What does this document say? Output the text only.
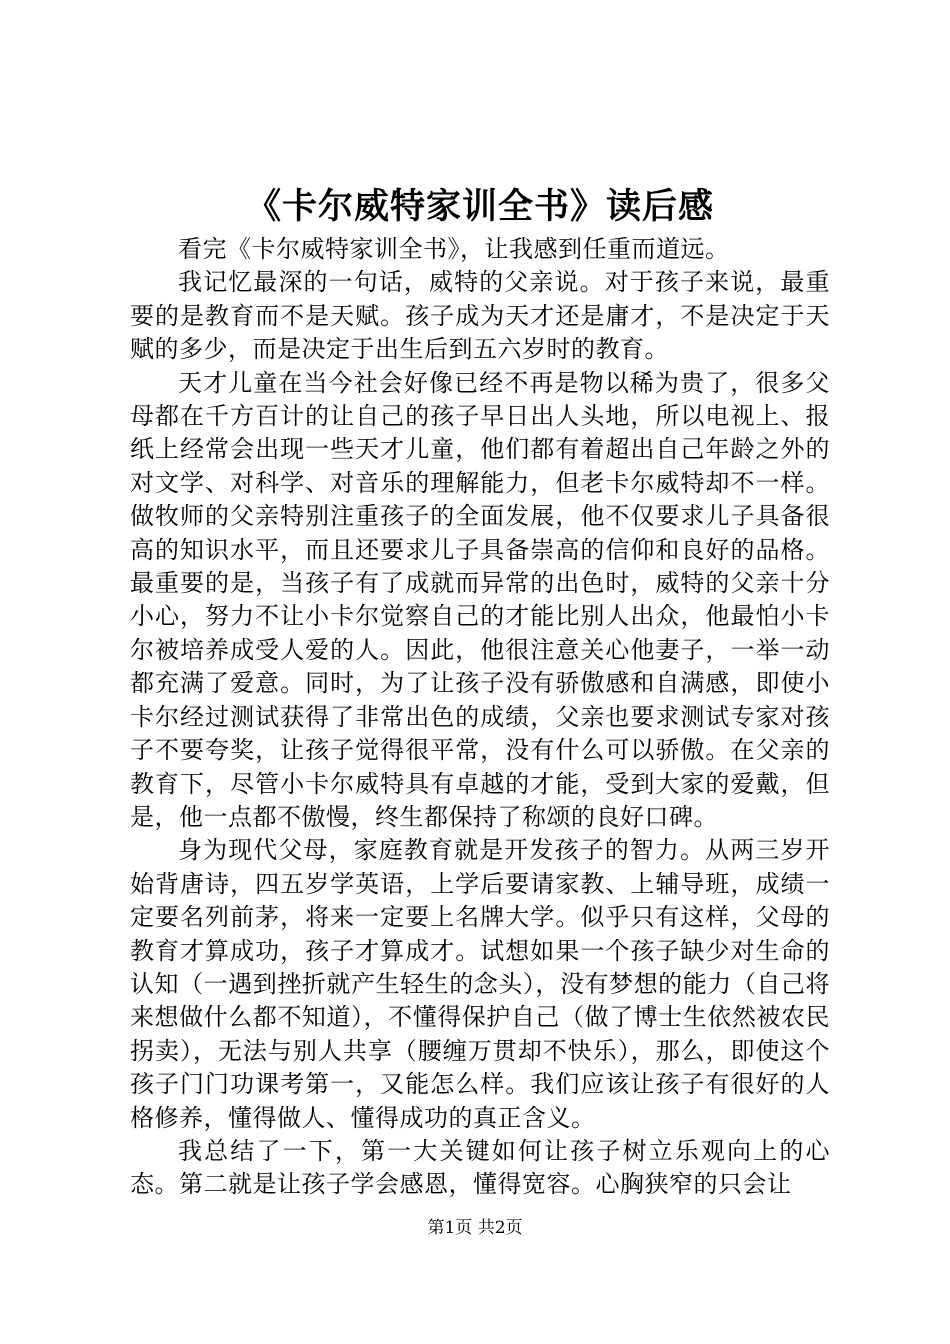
《卡尔威特家训全书》读后感

看完《卡尔威特家训全书》，让我感到任重而道远。

我记忆最深的一句话，威特的父亲说。对于孩子来说，最重要的是教育而不是天赋。孩子成为天才还是庸才，不是决定于天赋的多少，而是决定于出生后到五六岁时的教育。

天才儿童在当今社会好像已经不再是物以稀为贵了，很多父母都在千方百计的让自己的孩子早日出人头地，所以电视上、报纸上经常会出现一些天才儿童，他们都有着超出自己年龄之外的对文学、对科学、对音乐的理解能力，但老卡尔威特却不一样。做牧师的父亲特别注重孩子的全面发展，他不仅要求儿子具备很高的知识水平，而且还要求儿子具备崇高的信仰和良好的品格。最重要的是，当孩子有了成就而异常的出色时，威特的父亲十分小心，努力不让小卡尔觉察自己的才能比别人出众，他最怕小卡尔被培养成受人爱的人。因此，他很注意关心他妻子，一举一动都充满了爱意。同时，为了让孩子没有骄傲感和自满感，即使小卡尔经过测试获得了非常出色的成绩，父亲也要求测试专家对孩子不要夸奖，让孩子觉得很平常，没有什么可以骄傲。在父亲的教育下，尽管小卡尔威特具有卓越的才能，受到大家的爱戴，但是，他一点都不傲慢，终生都保持了称颂的良好口碑。

身为现代父母，家庭教育就是开发孩子的智力。从两三岁开始背唐诗，四五岁学英语，上学后要请家教、上辅导班，成绩一定要名列前茅，将来一定要上名牌大学。似乎只有这样，父母的教育才算成功，孩子才算成才。试想如果一个孩子缺少对生命的认知（一遇到挫折就产生轻生的念头），没有梦想的能力（自己将来想做什么都不知道），不懂得保护自己（做了博士生依然被农民拐卖），无法与别人共享（腰缠万贯却不快乐），那么，即使这个孩子门门功课考第一，又能怎么样。我们应该让孩子有很好的人格修养，懂得做人、懂得成功的真正含义。

我总结了一下，第一大关键如何让孩子树立乐观向上的心态。第二就是让孩子学会感恩，懂得宽容。心胸狭窄的只会让

第1页 共2页
